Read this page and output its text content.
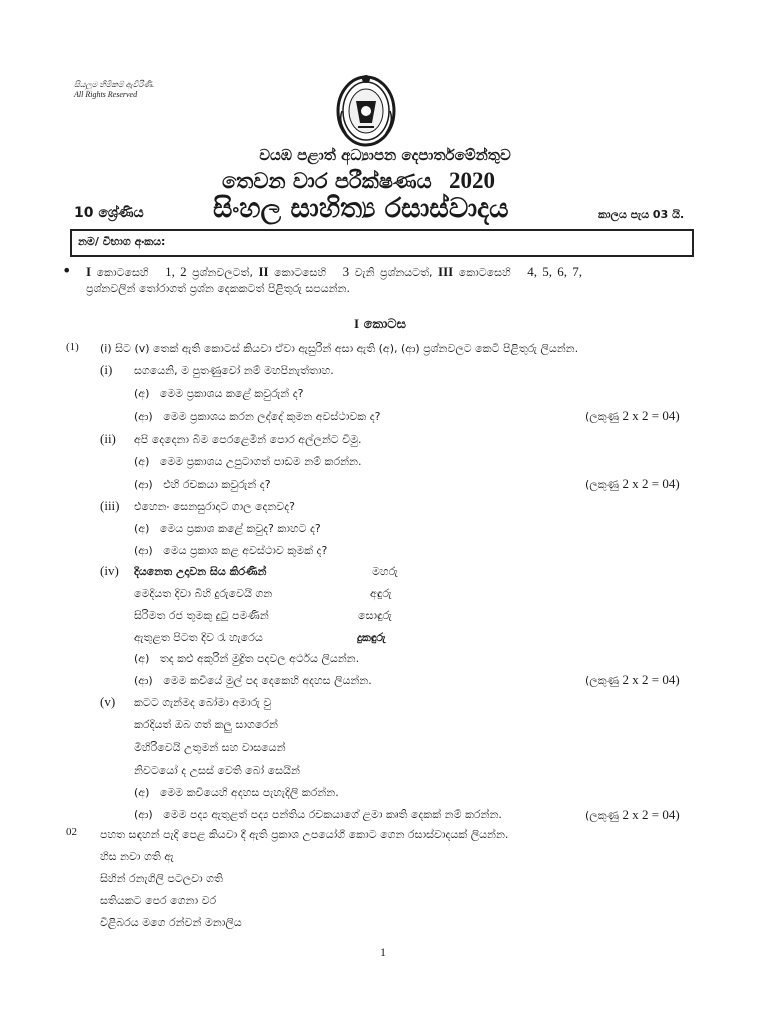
සියලුම හිමිකම් ඇවිරිණි.
All Rights Reserved
වයඹ පළාත් අධ්‍යාපන දෙපාර්තමේන්තුව
තෙවන වාර පරීක්ෂණය 2020
10 ශ්‍රේණිය	සිංහල සාහිත්‍ය රසාස්වාදය	කාලය පැය 03 යි.
නම/ විභාග අංකය:
• I කොටසෙහි 1, 2 ප්‍රශ්නවලටත්, II කොටසෙහි 3 වැනි ප්‍රශ්නයටත්, III කොටසෙහි 4, 5, 6, 7,
ප්‍රශ්නවලින් තෝරාගත් ප්‍රශ්න දෙකකටත් පිළිතුරු සපයන්න.
I කොටස
(1) (i) සිට (v) තෙක් ඇති කොටස් කියවා ඒවා ඇසුරින් අසා ඇති (අ), (ආ) ප්‍රශ්නවලට කෙටි පිළිතුරු ලියන්න.
(i) සගයෙනි, ම පුතණුවෝ නම් මහපිනැත්තාහ.
(අ) මෙම ප්‍රකාශය කළේ කවුරුන් ද?
(ආ) මෙම ප්‍රකාශය කරන ලද්දේ කුමන අවස්ථාවක ද?	(ලකුණු 2 x 2 = 04)
(ii) අපි දෙදෙනා බිම පෙරළෙමින් පොර අල්ලන්ට විමු.
(අ) මෙම ප්‍රකාශය උපුටාගත් පාඩම නම් කරන්න.
(ආ) එහි රචකයා කවුරුන් ද?	(ලකුණු 2 x 2 = 04)
(iii) එහෙනං සෙනසුරාදාට ගාල දෙනවද?
(අ) මෙය ප්‍රකාශ කළේ කවුද? කාහට ද?
(ආ) මෙය ප්‍රකාශ කළ අවස්ථාව කුමක් ද?
(iv) දියනෙත උදාවන සිය කිරණින්	මහරු
මෙදියත දිවා බිහි දුරුවෙයි ගන	අඳුරු
සිරිමත රජ තුමකු දුටු පමණින්	සොඳුරු
ඇතුළත පිටත දිව රැ හැරෙය	දුකඳුරු
(අ) තද කළු අකුරින් මුද්‍රිත පදවල අර්ථය ලියන්න.
(ආ) මෙම කවියේ මුල් පද දෙකෙහි අදහස ලියන්න.	(ලකුණු 2 x 2 = 04)
(v) කටට ගැන්මද බෝමා අමාරු වු
කරදියත් ඔබ ගත් කලු සාගරෙන්
මිහිරිවෙයි උතුමන් සහ වාසයෙන්
නිවටයෝ ද උසස් වෙති බෝ සෙයින්
(අ) මෙම කවියෙහි අදහස පැහැදිලි කරන්න.
(ආ) මෙම පද්‍ය ඇතුළත් පද්‍ය පන්තිය රචකයාගේ ළමා කෘති දෙකක් නම් කරන්න.	(ලකුණු 2 x 2 = 04)
02 පහත සඳහන් පැදි පෙළ කියවා දී ඇති ප්‍රකාශ උපයෝගී කොට ගෙන රසාස්වාදයක් ලියන්න.
හිස නවා ගති ඇ
සිහින් රනැගිලි පටලවා ගති
සතියකට පෙර ගෙනා වර
විළිබරය මගෙ රන්වන් මනාලිය
1
